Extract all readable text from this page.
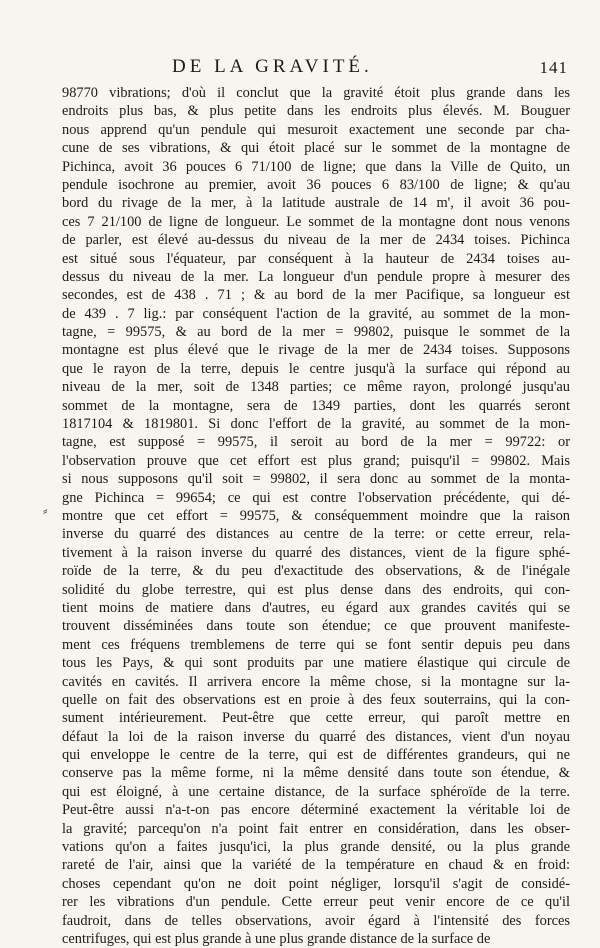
DE LA GRAVITÉ.	141
⸗
98770 vibrations; d'où il conclut que la gravité étoit plus grande dans les
endroits plus bas, & plus petite dans les endroits plus élevés. M. Bouguer
nous apprend qu'un pendule qui mesuroit exactement une seconde par cha-
cune de ses vibrations, & qui étoit placé sur le sommet de la montagne de
Pichinca, avoit 36 pouces 6 71/100 de ligne; que dans la Ville de Quito, un
pendule isochrone au premier, avoit 36 pouces 6 83/100 de ligne; & qu'au
bord du rivage de la mer, à la latitude australe de 14 m', il avoit 36 pou-
ces 7 21/100 de ligne de longueur. Le sommet de la montagne dont nous venons
de parler, est élevé au-dessus du niveau de la mer de 2434 toises. Pichinca
est situé sous l'équateur, par conséquent à la hauteur de 2434 toises au-
dessus du niveau de la mer. La longueur d'un pendule propre à mesurer des
secondes, est de 438 . 71 ; & au bord de la mer Pacifique, sa longueur est
de 439 . 7 lig.: par conséquent l'action de la gravité, au sommet de la mon-
tagne, = 99575, & au bord de la mer = 99802, puisque le sommet de la
montagne est plus élevé que le rivage de la mer de 2434 toises. Supposons
que le rayon de la terre, depuis le centre jusqu'à la surface qui répond au
niveau de la mer, soit de 1348 parties; ce même rayon, prolongé jusqu'au
sommet de la montagne, sera de 1349 parties, dont les quarrés seront
1817104 & 1819801. Si donc l'effort de la gravité, au sommet de la mon-
tagne, est supposé = 99575, il seroit au bord de la mer = 99722: or
l'observation prouve que cet effort est plus grand; puisqu'il = 99802. Mais
si nous supposons qu'il soit = 99802, il sera donc au sommet de la monta-
gne Pichinca = 99654; ce qui est contre l'observation précédente, qui dé-
montre que cet effort = 99575, & conséquemment moindre que la raison
inverse du quarré des distances au centre de la terre: or cette erreur, rela-
tivement à la raison inverse du quarré des distances, vient de la figure sphé-
roïde de la terre, & du peu d'exactitude des observations, & de l'inégale
solidité du globe terrestre, qui est plus dense dans des endroits, qui con-
tient moins de matiere dans d'autres, eu égard aux grandes cavités qui se
trouvent disséminées dans toute son étendue; ce que prouvent manifeste-
ment ces fréquens tremblemens de terre qui se font sentir depuis peu dans
tous les Pays, & qui sont produits par une matiere élastique qui circule de
cavités en cavités. Il arrivera encore la même chose, si la montagne sur la-
quelle on fait des observations est en proie à des feux souterrains, qui la con-
sument intérieurement. Peut-être que cette erreur, qui paroît mettre en
défaut la loi de la raison inverse du quarré des distances, vient d'un noyau
qui enveloppe le centre de la terre, qui est de différentes grandeurs, qui ne
conserve pas la même forme, ni la même densité dans toute son étendue, &
qui est éloigné, à une certaine distance, de la surface sphéroïde de la terre.
Peut-être aussi n'a-t-on pas encore déterminé exactement la véritable loi de
la gravité; parcequ'on n'a point fait entrer en considération, dans les obser-
vations qu'on a faites jusqu'ici, la plus grande densité, ou la plus grande
rareté de l'air, ainsi que la variété de la température en chaud & en froid:
choses cependant qu'on ne doit point négliger, lorsqu'il s'agit de considé-
rer les vibrations d'un pendule. Cette erreur peut venir encore de ce qu'il
faudroit, dans de telles observations, avoir égard à l'intensité des forces
centrifuges, qui est plus grande à une plus grande distance de la surface de
